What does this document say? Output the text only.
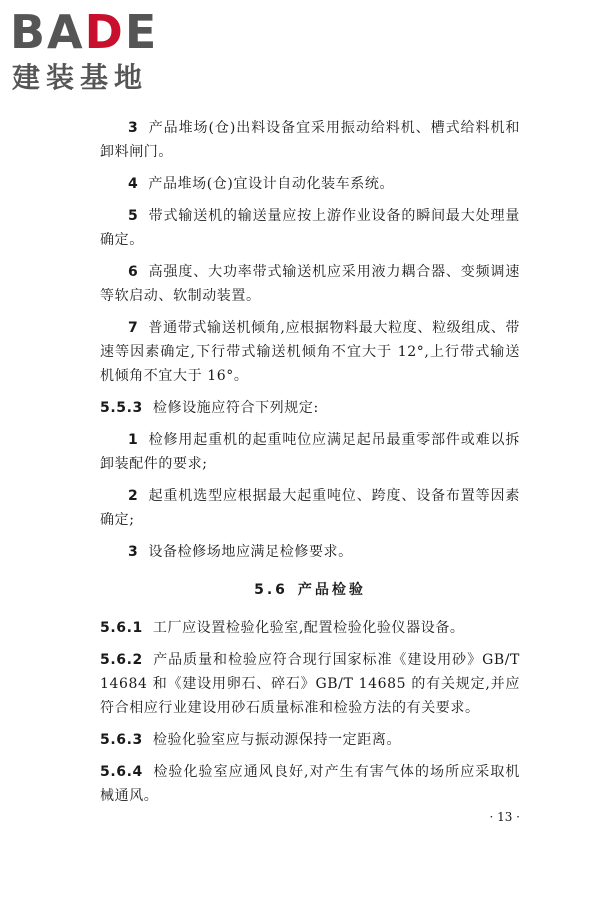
BADE
建装基地

3 产品堆场(仓)出料设备宜采用振动给料机、槽式给料机和卸料闸门。

4 产品堆场(仓)宜设计自动化装车系统。

5 带式输送机的输送量应按上游作业设备的瞬间最大处理量确定。

6 高强度、大功率带式输送机应采用液力耦合器、变频调速等软启动、软制动装置。

7 普通带式输送机倾角,应根据物料最大粒度、粒级组成、带速等因素确定,下行带式输送机倾角不宜大于 12°,上行带式输送机倾角不宜大于 16°。

5.5.3 检修设施应符合下列规定:

1 检修用起重机的起重吨位应满足起吊最重零部件或难以拆卸装配件的要求;

2 起重机选型应根据最大起重吨位、跨度、设备布置等因素确定;

3 设备检修场地应满足检修要求。

5.6 产品检验

5.6.1 工厂应设置检验化验室,配置检验化验仪器设备。

5.6.2 产品质量和检验应符合现行国家标准《建设用砂》GB/T 14684 和《建设用卵石、碎石》GB/T 14685 的有关规定,并应符合相应行业建设用砂石质量标准和检验方法的有关要求。

5.6.3 检验化验室应与振动源保持一定距离。

5.6.4 检验化验室应通风良好,对产生有害气体的场所应采取机械通风。

· 13 ·
